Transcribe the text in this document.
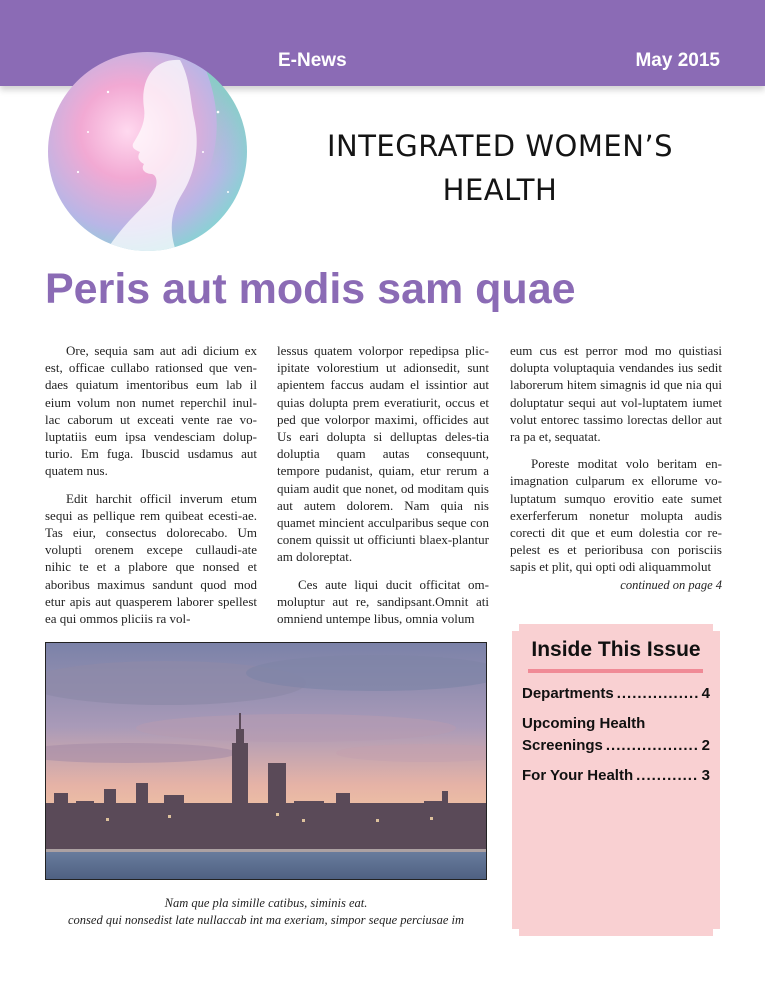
E-News	May 2015
INTEGRATED WOMEN’S
HEALTH
Peris aut modis sam quae

Ore, sequia sam aut adi dicium ex est, officae cullabo rationsed que ven-daes quiatum imentoribus eum lab il eium volum non numet reperchil inul-lac caborum ut exceati vente rae vo-luptatiis eum ipsa vendesciam dolup-turio. Em fuga. Ibuscid usdamus aut quatem nus.

Edit harchit officil inverum etum sequi as pellique rem quibeat ecesti-ae. Tas eiur, consectus dolorecabo. Um volupti orenem excepe cullaudi-ate nihic te et a plabore que nonsed et aboribus maximus sandunt quod mod etur apis aut quasperem laborer spellest ea qui ommos pliciis ra vol-

lessus quatem volorpor repedipsa plic-ipitate volorestium ut adionsedit, sunt apientem faccus audam el issintior aut quias dolupta prem everatiurit, occus et ped que volorpor maximi, officides aut Us eari dolupta si delluptas deles-tia doluptia quam autas consequunt, tempore pudanist, quiam, etur rerum a quiam audit que nonet, od moditam quis aut autem dolorem. Nam quia nis quamet mincient acculparibus seque con conem quissit ut officiunti blaex-plantur am doloreptat.

Ces aute liqui ducit officitat om-moluptur aut re, sandipsant.Omnit ati omniend untempe libus, omnia volum

eum cus est perror mod mo quistiasi dolupta voluptaquia vendandes ius sedit laborerum hitem simagnis id que nia qui doluptatur sequi aut vol-luptatem iumet volut entorec tassimo lorectas dellor aut ra pa et, sequatat.

Poreste moditat volo beritam en-imagnation culparum ex ellorume vo-luptatum sumquo erovitio eate sumet exerferferum nonetur molupta audis corecti dit que et eum dolestia cor re-pelest es et perioribusa con porisciis sapis et plit, qui opti odi aliquammolut

continued on page 4
Nam que pla simille catibus, siminis eat.
consed qui nonsedist late nullaccab int ma exeriam, simpor seque perciusae im
Inside This Issue
Departments .....	4
Upcoming Health
Screenings .....	2
For Your Health .....	3
